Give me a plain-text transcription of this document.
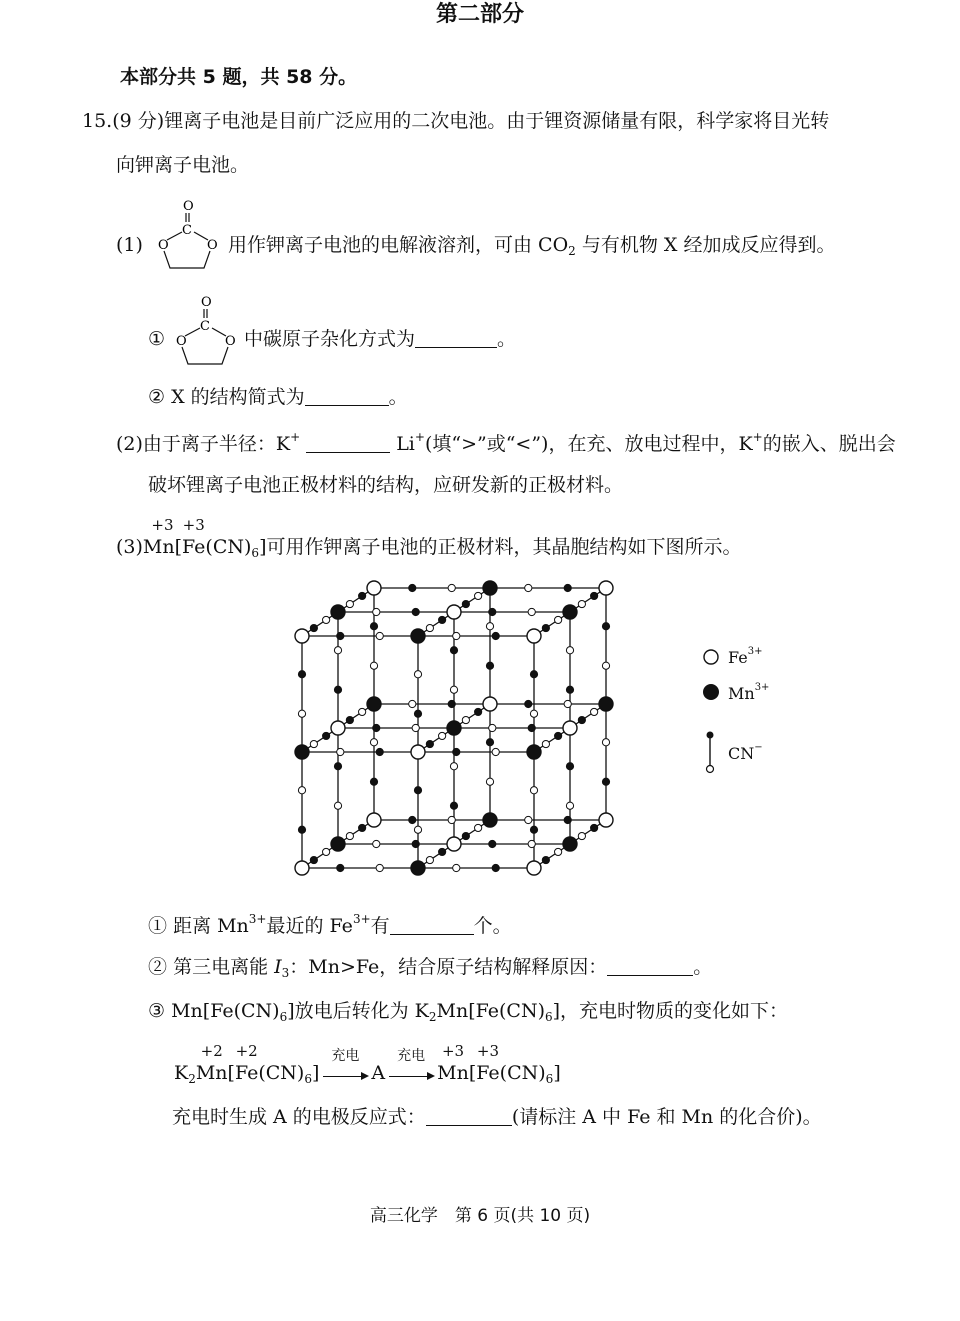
第二部分
本部分共 5 题，共 58 分。
15.(9 分)锂离子电池是目前广泛应用的二次电池。由于锂资源储量有限，科学家将目光转
向钾离子电池。
(1)
O
C
O	O 用作钾离子电池的电解液溶剂，可由 $CO_2$ 与有机物 X 经加成反应得到。
①
O
C
O	O 中碳原子杂化方式为	。
② X 的结构简式为	。
(2)由于离子半径：K+	Li+(填“>”或“<”)，在充、放电过程中，K+的嵌入、脱出会
破坏锂离子电池正极材料的结构，应研发新的正极材料。
(3)
+3
Mn[
+3
$Fe(CN)_6$]可用作钾离子电池的正极材料，其晶胞结构如下图所示。
$Fe^{3+}$
$Mn^{3+}$
CN−
① 距离 $Mn^{3+}$最近的 $Fe^{3+}$有	个。
② 第三电离能 $I_3$：Mn>Fe，结合原子结构解释原因：	。
③ $Mn[Fe(CN)_6]$放电后转化为 $K_2Mn[Fe(CN)_6]$，充电时物质的变化如下：
$K_2$
+2
Mn[
+2
$Fe(CN)_6$]
充电
A
充电	+3
Mn[
+3
$Fe(CN)_6$]
充电时生成 A 的电极反应式：	(请标注 A 中 Fe 和 Mn 的化合价)。
高三化学　第 6 页(共 10 页)
